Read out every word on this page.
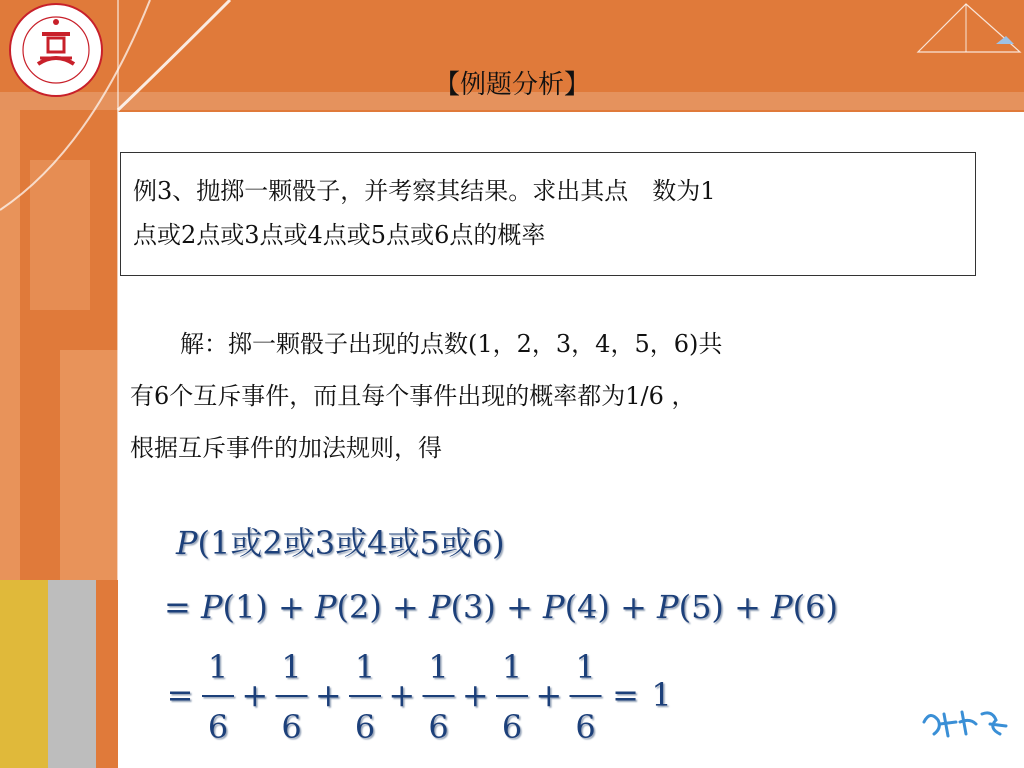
【例题分析】
例3、抛掷一颗骰子，并考察其结果。求出其点　数为1
点或2点或3点或4点或5点或6点的概率
解：掷一颗骰子出现的点数(1，2，3，4，5，6)共
有6个互斥事件，而且每个事件出现的概率都为1/6 ，
根据互斥事件的加法规则，得
P(1或2或3或4或5或6)
= P(1) + P(2) + P(3) + P(4) + P(5) + P(6)
=
1
6
+
1
6
+
1
6
+
1
6
+
1
6
+
1
6
= 1
